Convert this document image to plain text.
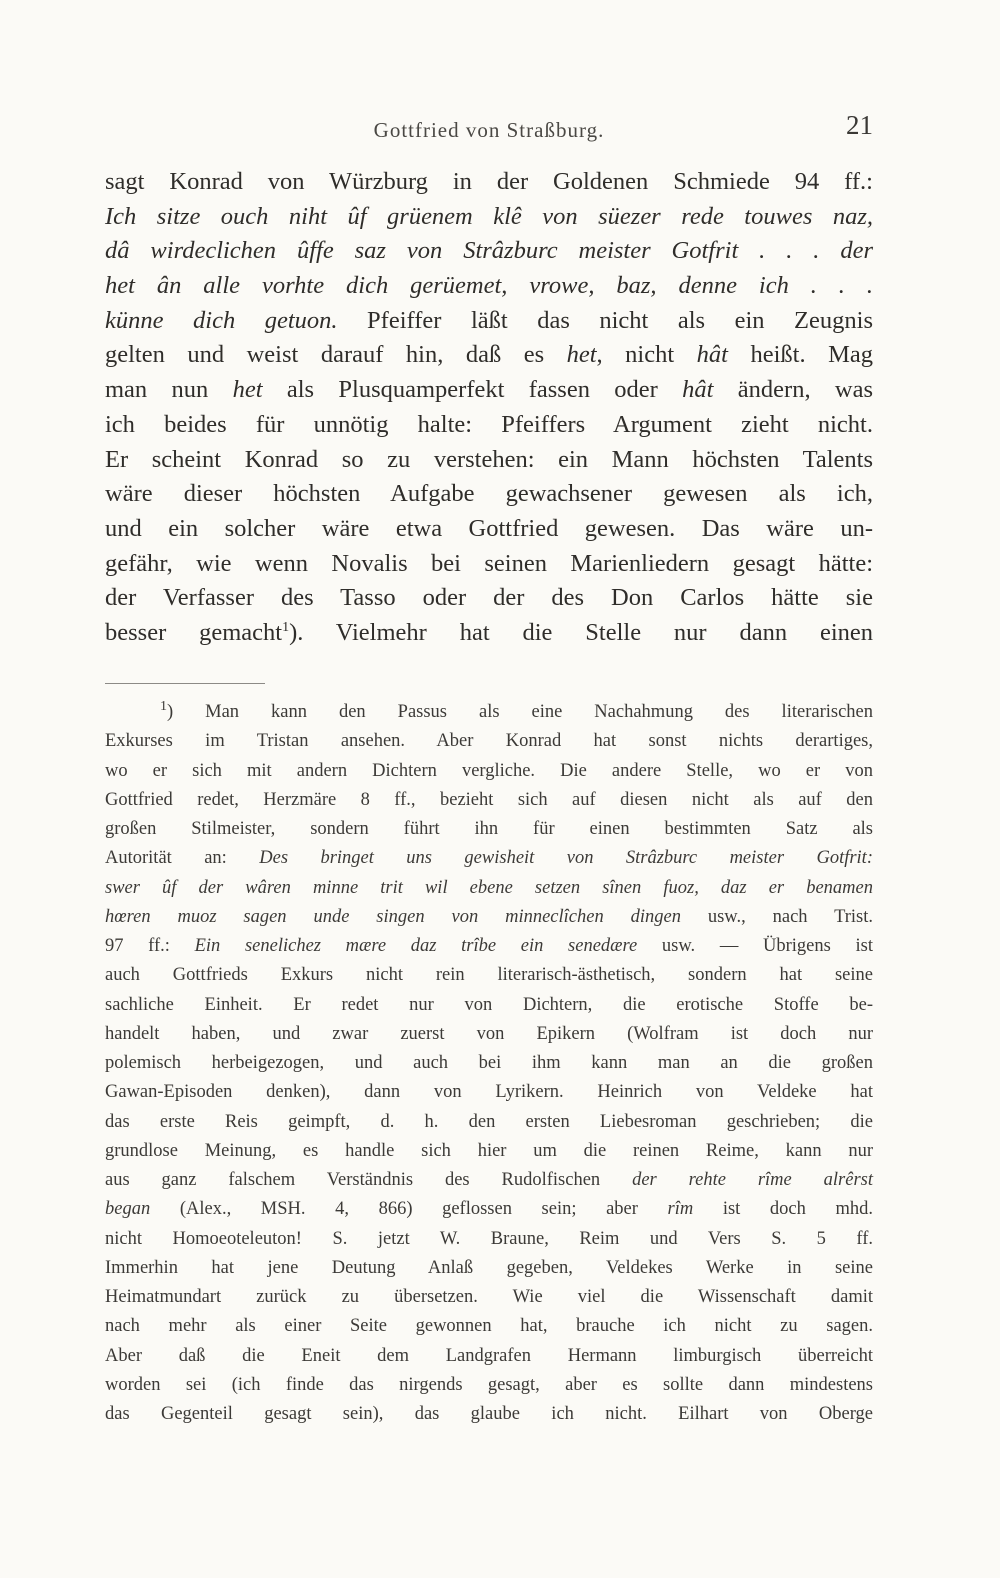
Gottfried von Straßburg.	21
sagt Konrad von Würzburg in der Goldenen Schmiede 94 ff.:
Ich sitze ouch niht ûf grüenem klê von süezer rede touwes naz,
dâ wirdeclichen ûffe saz von Strâzburc meister Gotfrit . . . der
het ân alle vorhte dich gerüemet, vrowe, baz, denne ich . . .
künne dich getuon. Pfeiffer läßt das nicht als ein Zeugnis
gelten und weist darauf hin, daß es het, nicht hât heißt. Mag
man nun het als Plusquamperfekt fassen oder hât ändern, was
ich beides für unnötig halte: Pfeiffers Argument zieht nicht.
Er scheint Konrad so zu verstehen: ein Mann höchsten Talents
wäre dieser höchsten Aufgabe gewachsener gewesen als ich,
und ein solcher wäre etwa Gottfried gewesen. Das wäre un-
gefähr, wie wenn Novalis bei seinen Marienliedern gesagt hätte:
der Verfasser des Tasso oder der des Don Carlos hätte sie
besser gemacht$^1$). Vielmehr hat die Stelle nur dann einen
$^1$) Man kann den Passus als eine Nachahmung des literarischen
Exkurses im Tristan ansehen. Aber Konrad hat sonst nichts derartiges,
wo er sich mit andern Dichtern vergliche. Die andere Stelle, wo er von
Gottfried redet, Herzmäre 8 ff., bezieht sich auf diesen nicht als auf den
großen Stilmeister, sondern führt ihn für einen bestimmten Satz als
Autorität an: Des bringet uns gewisheit von Strâzburc meister Gotfrit:
swer ûf der wâren minne trit wil ebene setzen sînen fuoz, daz er benamen
hœren muoz sagen unde singen von minneclîchen dingen usw., nach Trist.
97 ff.: Ein senelichez mære daz trîbe ein senedære usw. — Übrigens ist
auch Gottfrieds Exkurs nicht rein literarisch-ästhetisch, sondern hat seine
sachliche Einheit. Er redet nur von Dichtern, die erotische Stoffe be-
handelt haben, und zwar zuerst von Epikern (Wolfram ist doch nur
polemisch herbeigezogen, und auch bei ihm kann man an die großen
Gawan-Episoden denken), dann von Lyrikern. Heinrich von Veldeke hat
das erste Reis geimpft, d. h. den ersten Liebesroman geschrieben; die
grundlose Meinung, es handle sich hier um die reinen Reime, kann nur
aus ganz falschem Verständnis des Rudolfischen der rehte rîme alrêrst
began (Alex., MSH. 4, 866) geflossen sein; aber rîm ist doch mhd.
nicht Homoeoteleuton! S. jetzt W. Braune, Reim und Vers S. 5 ff.
Immerhin hat jene Deutung Anlaß gegeben, Veldekes Werke in seine
Heimatmundart zurück zu übersetzen. Wie viel die Wissenschaft damit
nach mehr als einer Seite gewonnen hat, brauche ich nicht zu sagen.
Aber daß die Eneit dem Landgrafen Hermann limburgisch überreicht
worden sei (ich finde das nirgends gesagt, aber es sollte dann mindestens
das Gegenteil gesagt sein), das glaube ich nicht. Eilhart von Oberge
